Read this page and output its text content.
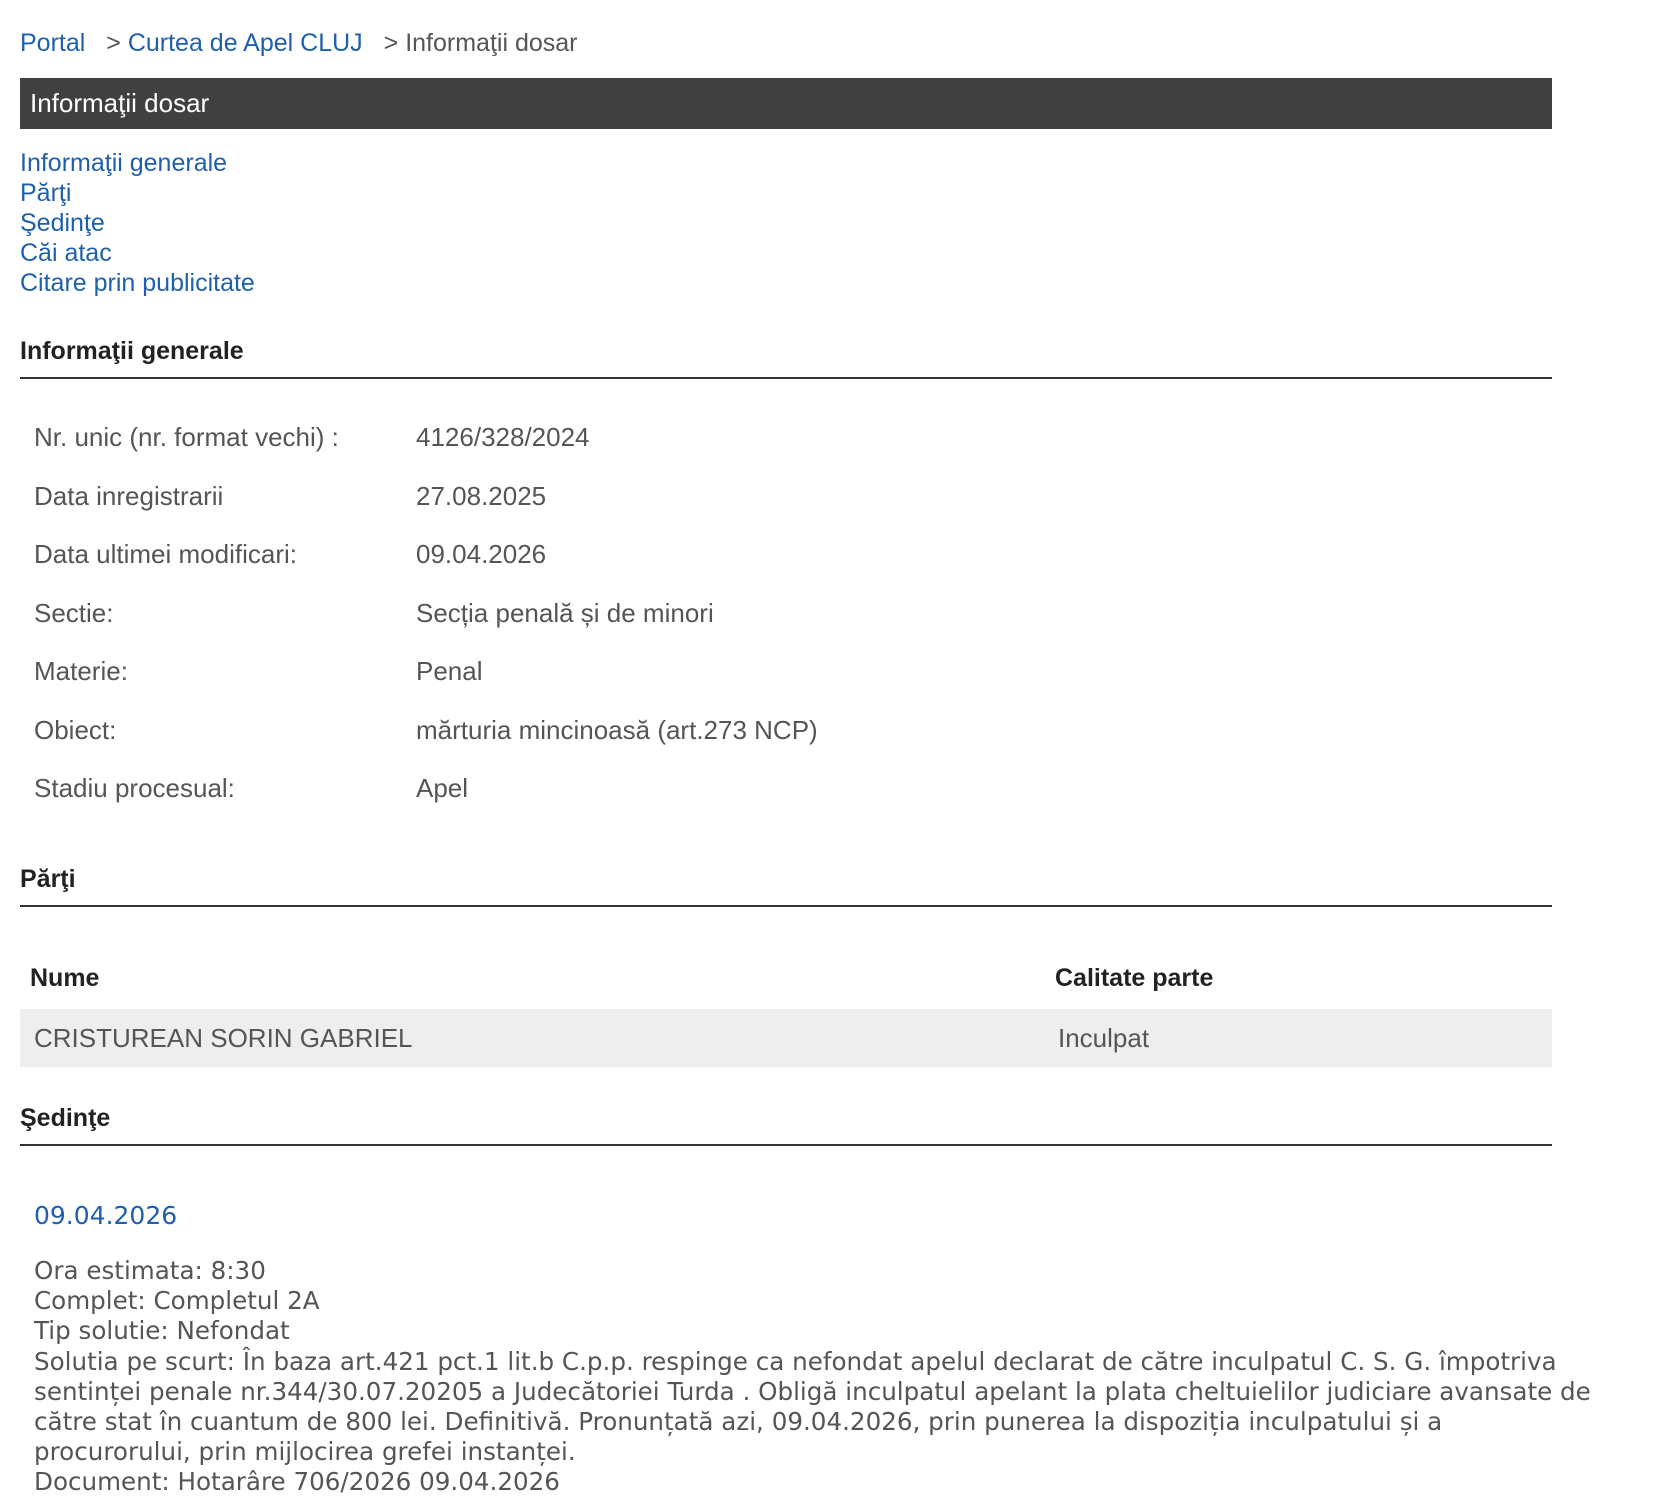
Portal > Curtea de Apel CLUJ > Informaţii dosar
Informaţii dosar
Informaţii generale
Părţi
Şedinţe
Căi atac
Citare prin publicitate
Informaţii generale
Nr. unic (nr. format vechi) :	4126/328/2024
Data inregistrarii	27.08.2025
Data ultimei modificari:	09.04.2026
Sectie:	Secția penală și de minori
Materie:	Penal
Obiect:	mărturia mincinoasă (art.273 NCP)
Stadiu procesual:	Apel
Părţi
Nume	Calitate parte
CRISTUREAN SORIN GABRIEL	Inculpat
Şedinţe
09.04.2026
Ora estimata: 8:30
Complet: Completul 2A
Tip solutie: Nefondat
Solutia pe scurt: În baza art.421 pct.1 lit.b C.p.p. respinge ca nefondat apelul declarat de către inculpatul C. S. G. împotriva
sentinței penale nr.344/30.07.20205 a Judecătoriei Turda . Obligă inculpatul apelant la plata cheltuielilor judiciare avansate de
către stat în cuantum de 800 lei. Definitivă. Pronunțată azi, 09.04.2026, prin punerea la dispoziția inculpatului și a
procurorului, prin mijlocirea grefei instanței.
Document: Hotarâre 706/2026 09.04.2026
